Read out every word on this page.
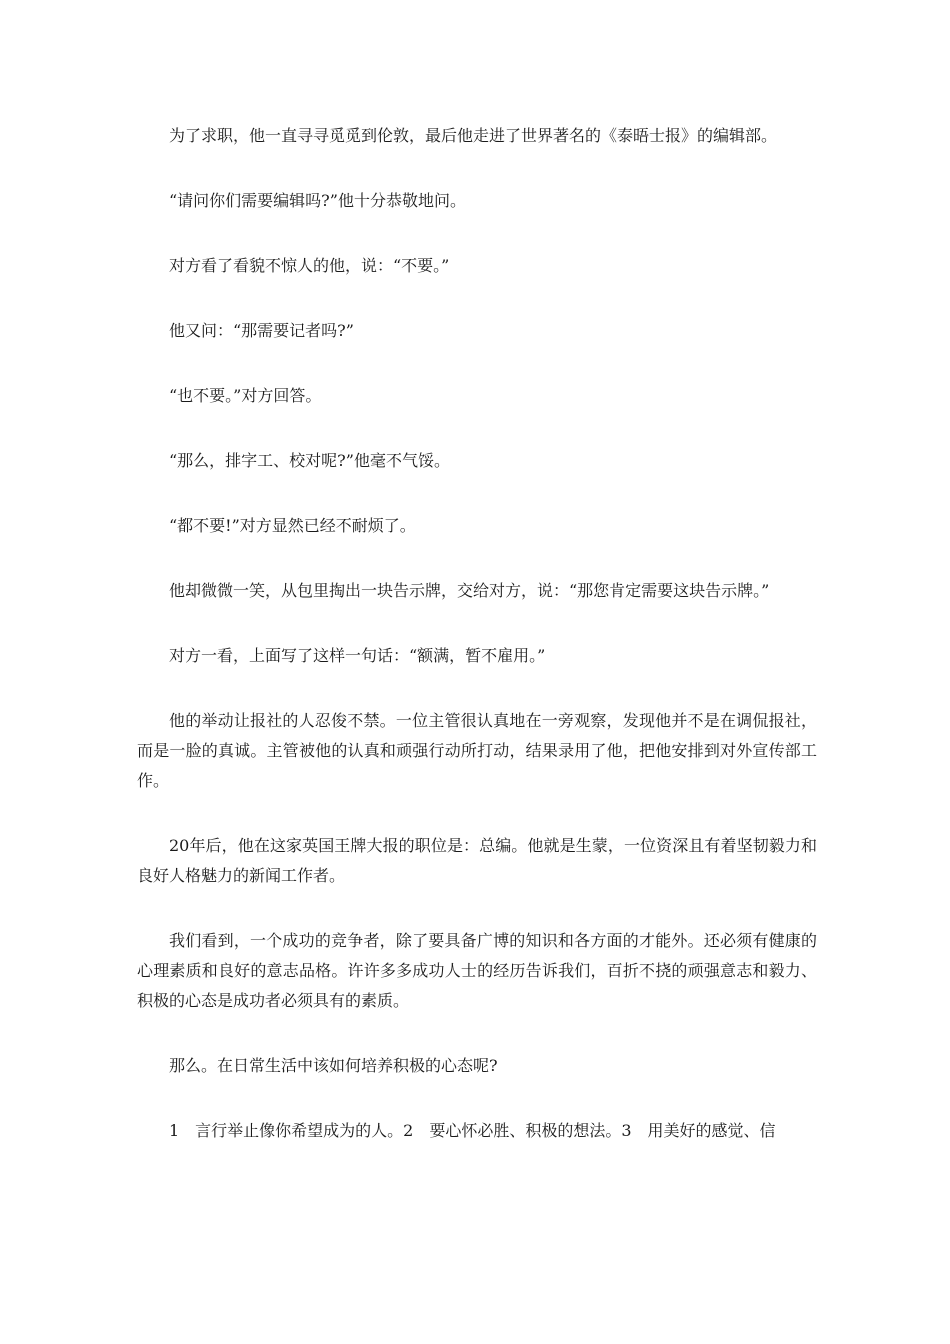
为了求职，他一直寻寻觅觅到伦敦，最后他走进了世界著名的《泰晤士报》的编辑部。

“请问你们需要编辑吗?”他十分恭敬地问。

对方看了看貌不惊人的他，说：“不要。”

他又问：“那需要记者吗?”

“也不要。”对方回答。

“那么，排字工、校对呢?”他毫不气馁。

“都不要!”对方显然已经不耐烦了。

他却微微一笑，从包里掏出一块告示牌，交给对方，说：“那您肯定需要这块告示牌。”

对方一看，上面写了这样一句话：“额满，暂不雇用。”

他的举动让报社的人忍俊不禁。一位主管很认真地在一旁观察，发现他并不是在调侃报社，而是一脸的真诚。主管被他的认真和顽强行动所打动，结果录用了他，把他安排到对外宣传部工作。

20年后，他在这家英国王牌大报的职位是：总编。他就是生蒙，一位资深且有着坚韧毅力和良好人格魅力的新闻工作者。

我们看到，一个成功的竞争者，除了要具备广博的知识和各方面的才能外。还必须有健康的心理素质和良好的意志品格。许许多多成功人士的经历告诉我们，百折不挠的顽强意志和毅力、积极的心态是成功者必须具有的素质。

那么。在日常生活中该如何培养积极的心态呢?

1　言行举止像你希望成为的人。2　要心怀必胜、积极的想法。3　用美好的感觉、信
